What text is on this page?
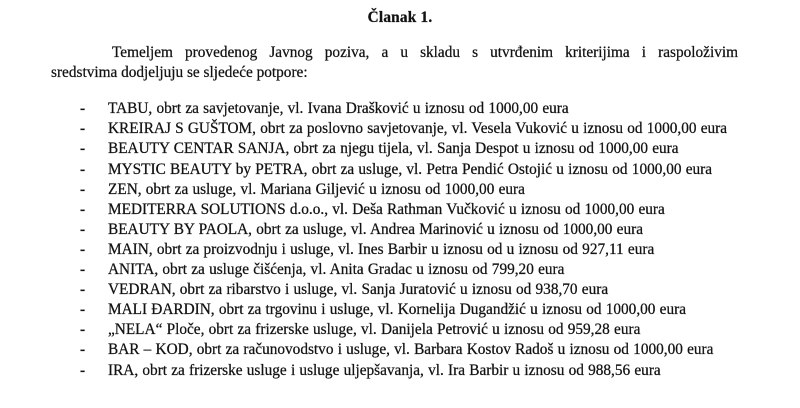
Članak 1.
Temeljem provedenog Javnog poziva, a u skladu s utvrđenim kriterijima i raspoloživim
sredstvima dodjeljuju se sljedeće potpore:
-	TABU, obrt za savjetovanje, vl. Ivana Drašković u iznosu od 1000,00 eura
-	KREIRAJ S GUŠTOM, obrt za poslovno savjetovanje, vl. Vesela Vuković u iznosu od 1000,00 eura
-	BEAUTY CENTAR SANJA, obrt za njegu tijela, vl. Sanja Despot u iznosu od 1000,00 eura
-	MYSTIC BEAUTY by PETRA, obrt za usluge, vl. Petra Pendić Ostojić u iznosu od 1000,00 eura
-	ZEN, obrt za usluge, vl. Mariana Giljević u iznosu od 1000,00 eura
-	MEDITERRA SOLUTIONS d.o.o., vl. Deša Rathman Vučković u iznosu od 1000,00 eura
-	BEAUTY BY PAOLA, obrt za usluge, vl. Andrea Marinović u iznosu od 1000,00 eura
-	MAIN, obrt za proizvodnju i usluge, vl. Ines Barbir u iznosu od u iznosu od 927,11 eura
-	ANITA, obrt za usluge čišćenja, vl. Anita Gradac u iznosu od 799,20 eura
-	VEDRAN, obrt za ribarstvo i usluge, vl. Sanja Juratović u iznosu od 938,70 eura
-	MALI ĐARDIN, obrt za trgovinu i usluge, vl. Kornelija Dugandžić u iznosu od 1000,00 eura
-	„NELA“ Ploče, obrt za frizerske usluge, vl. Danijela Petrović u iznosu od 959,28 eura
-	BAR – KOD, obrt za računovodstvo i usluge, vl. Barbara Kostov Radoš u iznosu od 1000,00 eura
-	IRA, obrt za frizerske usluge i usluge uljepšavanja, vl. Ira Barbir u iznosu od 988,56 eura
